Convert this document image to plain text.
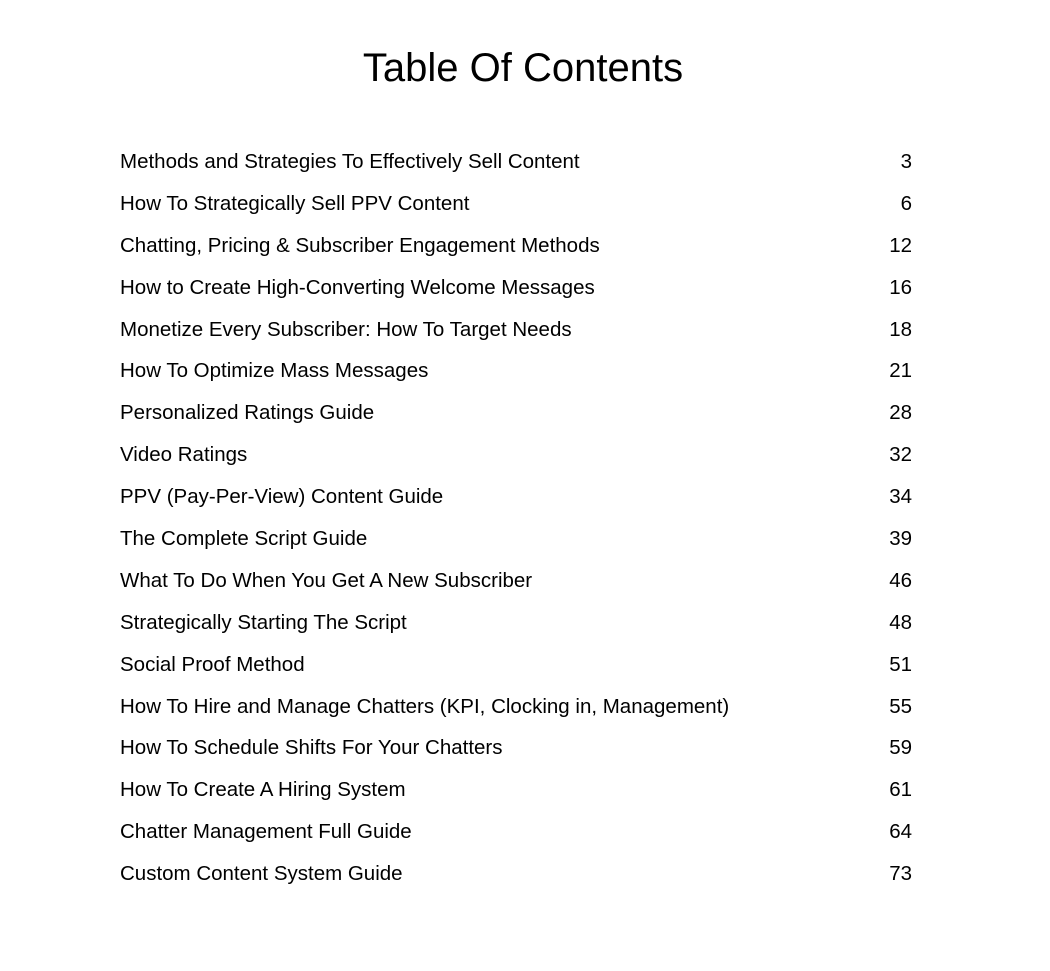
Table Of Contents
Methods and Strategies To Effectively Sell Content	3
How To Strategically Sell PPV Content	6
Chatting, Pricing & Subscriber Engagement Methods	12
How to Create High-Converting Welcome Messages	16
Monetize Every Subscriber: How To Target Needs	18
How To Optimize Mass Messages	21
Personalized Ratings Guide	28
Video Ratings	32
PPV (Pay-Per-View) Content Guide	34
The Complete Script Guide	39
What To Do When You Get A New Subscriber	46
Strategically Starting The Script	48
Social Proof Method	51
How To Hire and Manage Chatters (KPI, Clocking in, Management)	55
How To Schedule Shifts For Your Chatters	59
How To Create A Hiring System	61
Chatter Management Full Guide	64
Custom Content System Guide	73
